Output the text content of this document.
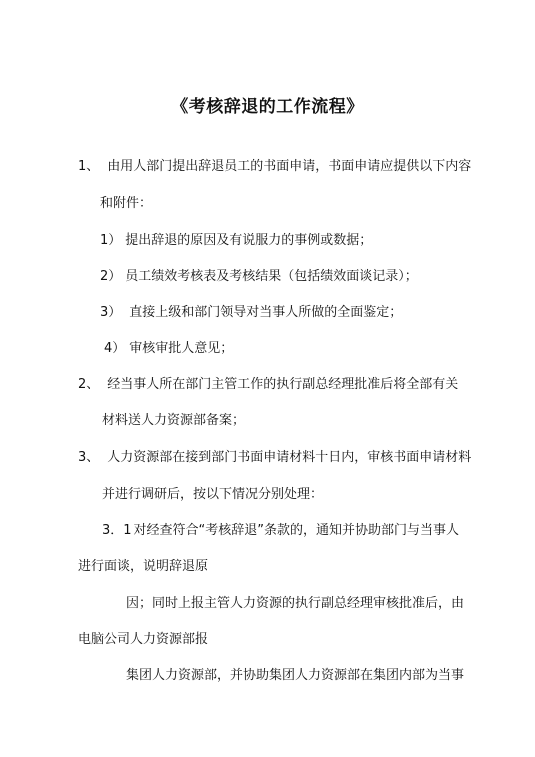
《考核辞退的工作流程》
1、 由用人部门提出辞退员工的书面申请，书面申请应提供以下内容
和附件：
1） 提出辞退的原因及有说服力的事例或数据；
2） 员工绩效考核表及考核结果（包括绩效面谈记录）；
3） 直接上级和部门领导对当事人所做的全面鉴定；
4） 审核审批人意见；
2、 经当事人所在部门主管工作的执行副总经理批准后将全部有关
材料送人力资源部备案；
3、 人力资源部在接到部门书面申请材料十日内，审核书面申请材料
并进行调研后，按以下情况分别处理：
3．1 对经查符合“考核辞退”条款的，通知并协助部门与当事人
进行面谈，说明辞退原
因；同时上报主管人力资源的执行副总经理审核批准后，由
电脑公司人力资源部报
集团人力资源部，并协助集团人力资源部在集团内部为当事
